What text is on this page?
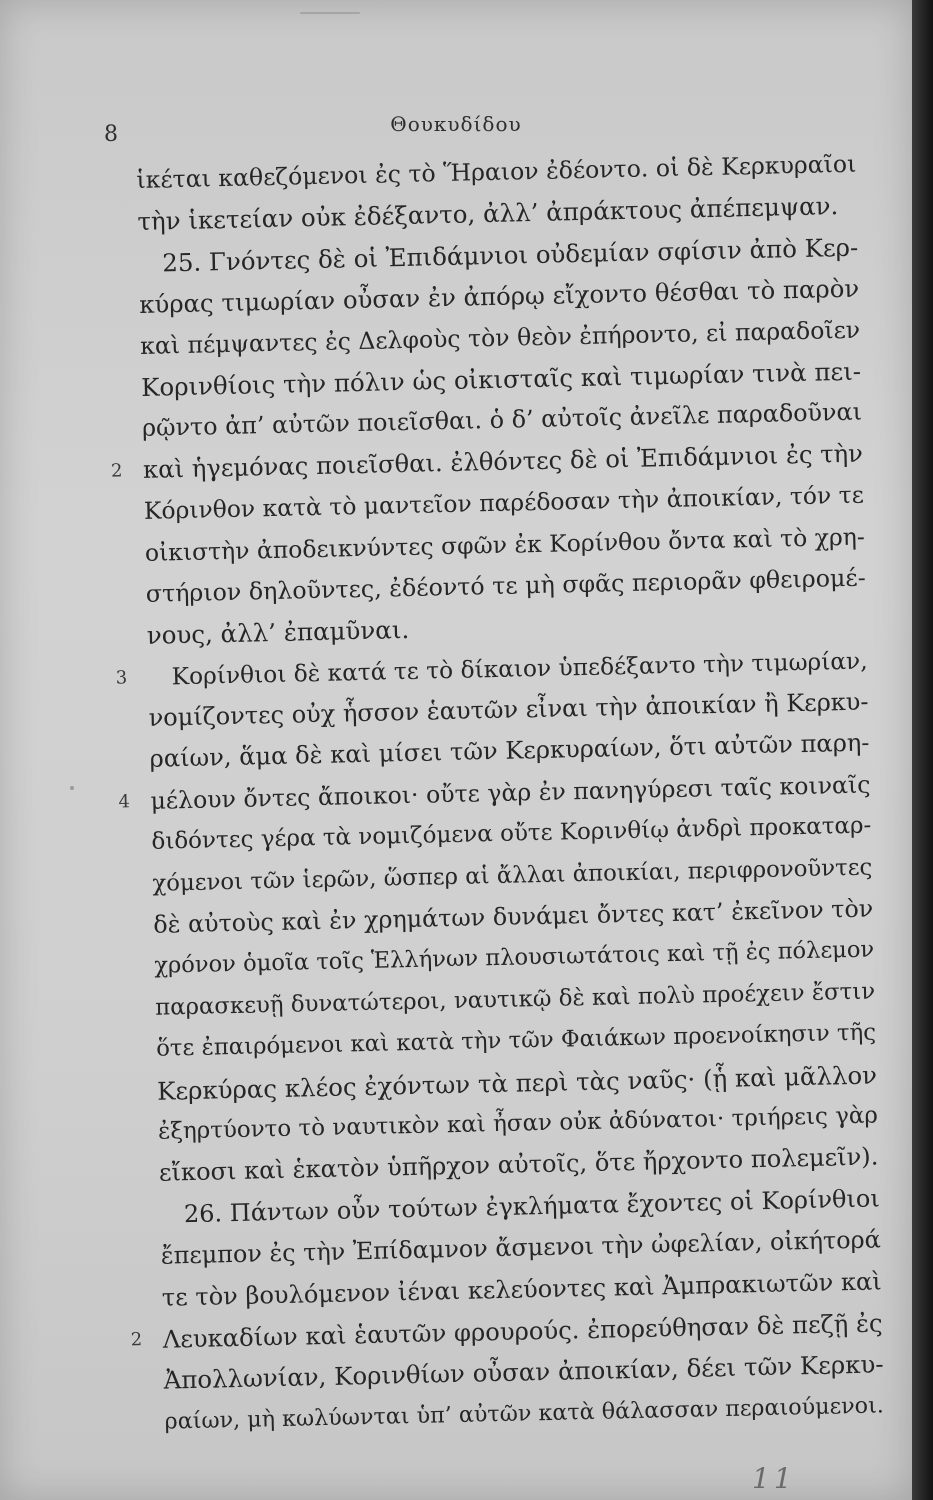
8	Θουκυδίδου
ἱκέται καθεζόμενοι ἐς τὸ Ἥραιον ἐδέοντο. οἱ δὲ Κερκυραῖοι
τὴν ἱκετείαν οὐκ ἐδέξαντο, ἀλλ’ ἀπράκτους ἀπέπεμψαν.
25. Γνόντες δὲ οἱ Ἐπιδάμνιοι οὐδεμίαν σφίσιν ἀπὸ Κερ-
κύρας τιμωρίαν οὖσαν ἐν ἀπόρῳ εἴχοντο θέσθαι τὸ παρὸν
καὶ πέμψαντες ἐς Δελφοὺς τὸν θεὸν ἐπήροντο, εἰ παραδοῖεν
Κορινθίοις τὴν πόλιν ὡς οἰκισταῖς καὶ τιμωρίαν τινὰ πει-
ρῷντο ἀπ’ αὐτῶν ποιεῖσθαι. ὁ δ’ αὐτοῖς ἀνεῖλε παραδοῦναι
2 καὶ ἡγεμόνας ποιεῖσθαι. ἐλθόντες δὲ οἱ Ἐπιδάμνιοι ἐς τὴν
Κόρινθον κατὰ τὸ μαντεῖον παρέδοσαν τὴν ἀποικίαν, τόν τε
οἰκιστὴν ἀποδεικνύντες σφῶν ἐκ Κορίνθου ὄντα καὶ τὸ χρη-
στήριον δηλοῦντες, ἐδέοντό τε μὴ σφᾶς περιορᾶν φθειρομέ-
νους, ἀλλ’ ἐπαμῦναι.
3	Κορίνθιοι δὲ κατά τε τὸ δίκαιον ὑπεδέξαντο τὴν τιμωρίαν,
νομίζοντες οὐχ ἧσσον ἑαυτῶν εἶναι τὴν ἀποικίαν ἢ Κερκυ-
ραίων, ἅμα δὲ καὶ μίσει τῶν Κερκυραίων, ὅτι αὐτῶν παρη-
4 μέλουν ὄντες ἄποικοι· οὔτε γὰρ ἐν πανηγύρεσι ταῖς κοιναῖς
διδόντες γέρα τὰ νομιζόμενα οὔτε Κορινθίῳ ἀνδρὶ προκαταρ-
χόμενοι τῶν ἱερῶν, ὥσπερ αἱ ἄλλαι ἀποικίαι, περιφρονοῦντες
δὲ αὐτοὺς καὶ ἐν χρημάτων δυνάμει ὄντες κατ’ ἐκεῖνον τὸν
χρόνον ὁμοῖα τοῖς Ἑλλήνων πλουσιωτάτοις καὶ τῇ ἐς πόλεμον
παρασκευῇ δυνατώτεροι, ναυτικῷ δὲ καὶ πολὺ προέχειν ἔστιν
ὅτε ἐπαιρόμενοι καὶ κατὰ τὴν τῶν Φαιάκων προενοίκησιν τῆς
Κερκύρας κλέος ἐχόντων τὰ περὶ τὰς ναῦς· (ᾗ καὶ μᾶλλον
ἐξηρτύοντο τὸ ναυτικὸν καὶ ἦσαν οὐκ ἀδύνατοι· τριήρεις γὰρ
εἴκοσι καὶ ἑκατὸν ὑπῆρχον αὐτοῖς, ὅτε ἤρχοντο πολεμεῖν).
26. Πάντων οὖν τούτων ἐγκλήματα ἔχοντες οἱ Κορίνθιοι
ἔπεμπον ἐς τὴν Ἐπίδαμνον ἄσμενοι τὴν ὠφελίαν, οἰκήτορά
τε τὸν βουλόμενον ἰέναι κελεύοντες καὶ Ἀμπρακιωτῶν καὶ
2 Λευκαδίων καὶ ἑαυτῶν φρουρούς. ἐπορεύθησαν δὲ πεζῇ ἐς
Ἀπολλωνίαν, Κορινθίων οὖσαν ἀποικίαν, δέει τῶν Κερκυ-
ραίων, μὴ κωλύωνται ὑπ’ αὐτῶν κατὰ θάλασσαν περαιούμενοι.
11
